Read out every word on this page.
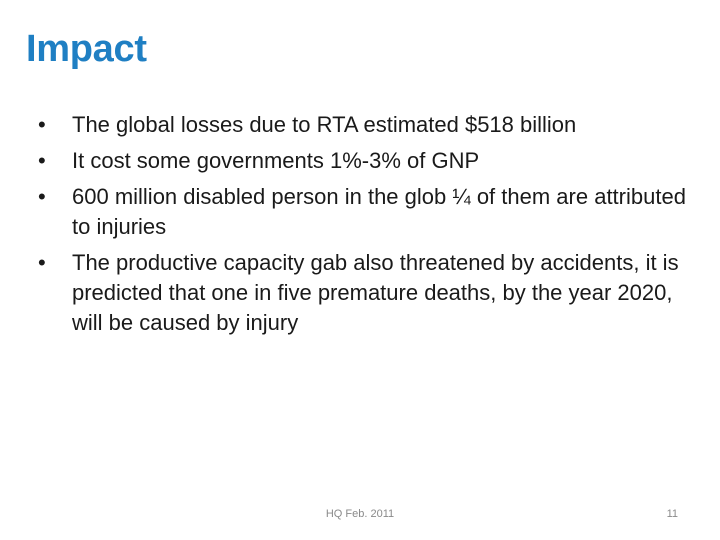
Impact
•	The global losses due to RTA estimated $518 billion
•	It cost some governments 1%-3% of GNP
•	600 million disabled person in the glob ¼ of them are attributed to injuries
•	The productive capacity gab also threatened by accidents, it is predicted that one in five premature deaths, by the year 2020, will be caused by injury
HQ Feb. 2011	11
